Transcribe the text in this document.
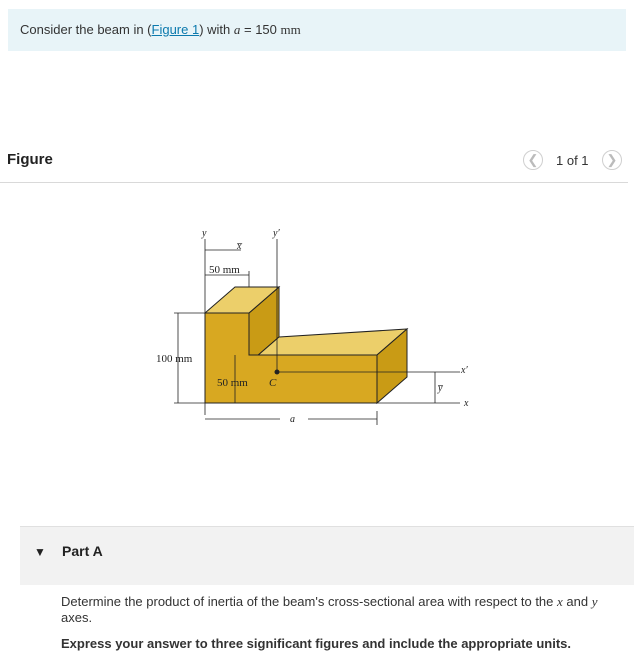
Consider the beam in (Figure 1) with a = 150 mm
Figure	❮	1 of 1	❯
y	y′
x̅
50 mm
100 mm
50 mm C
x′
y̅
x
a
▼ Part A
Determine the product of inertia of the beam's cross-sectional area with respect to the x and y axes.
Express your answer to three significant figures and include the appropriate units.
